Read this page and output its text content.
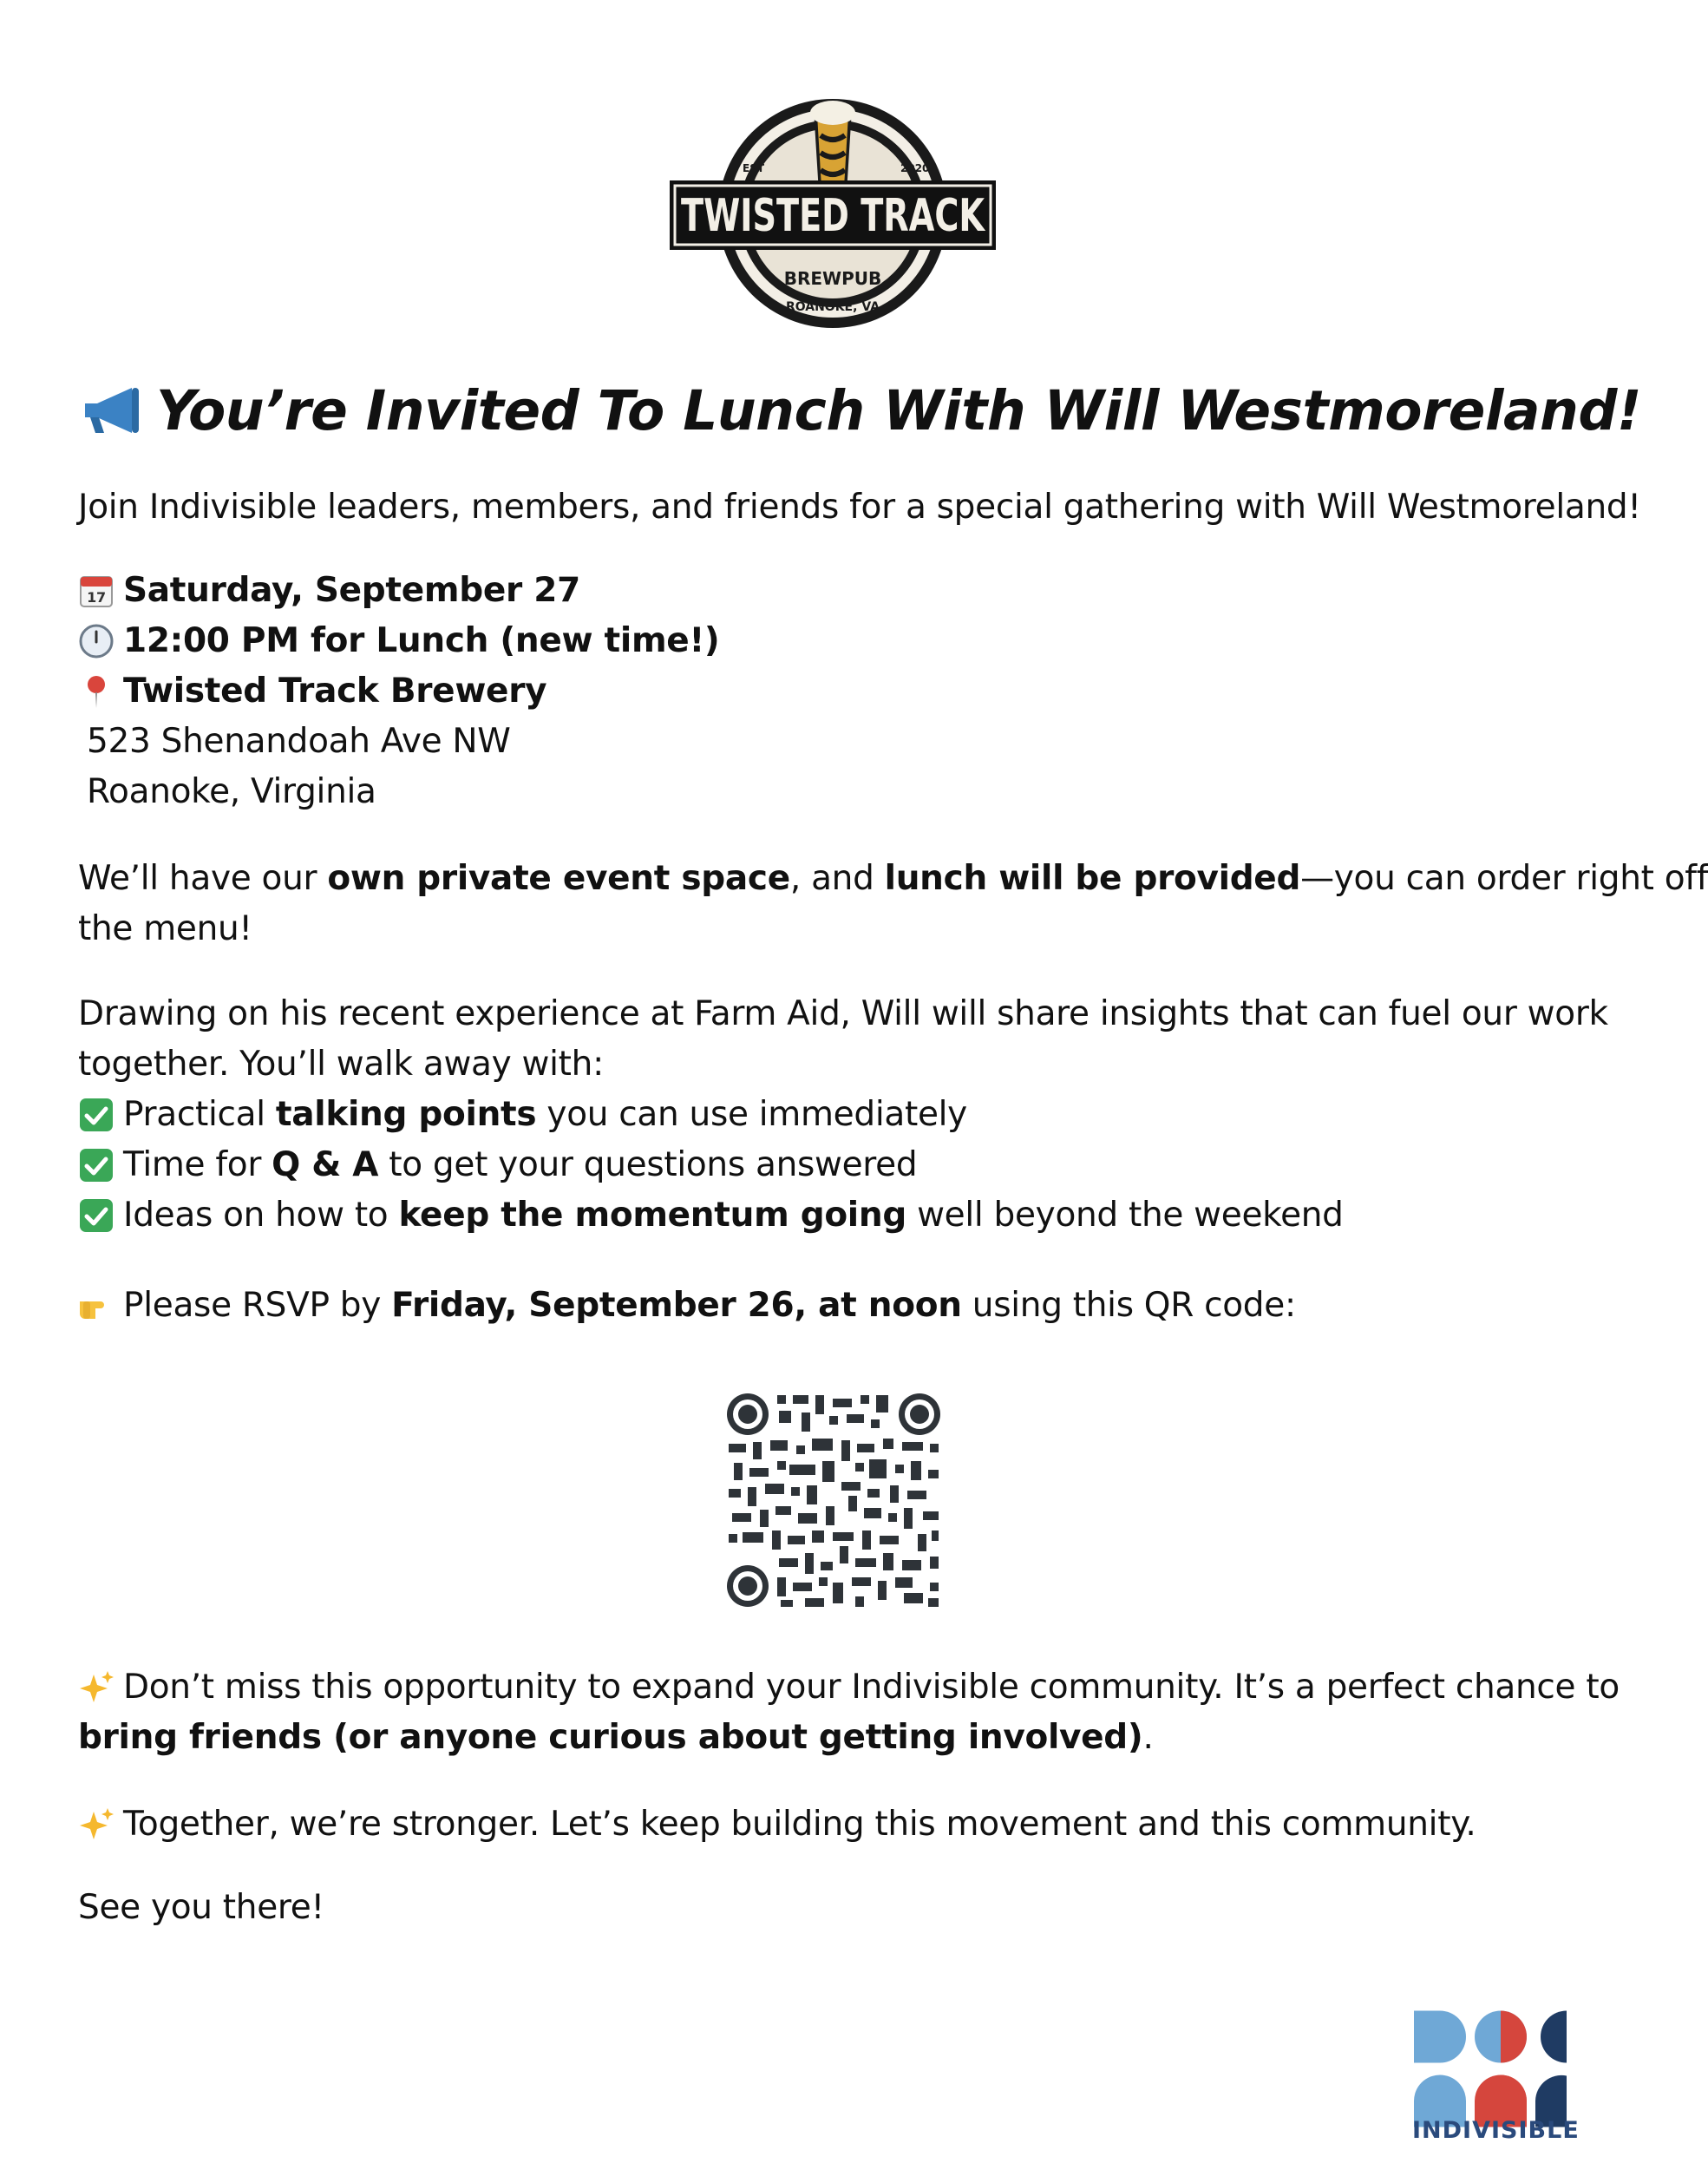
EST	2020
TWISTED TRACK
BREWPUB
ROANOKE, VA
You’re Invited To Lunch With Will Westmoreland!
Join Indivisible leaders, members, and friends for a special gathering with Will Westmoreland!
17 Saturday, September 27
12:00 PM for Lunch (new time!)
Twisted Track Brewery
523 Shenandoah Ave NW
Roanoke, Virginia
We’ll have our own private event space, and lunch will be provided—you can order right off
the menu!
Drawing on his recent experience at Farm Aid, Will will share insights that can fuel our work
together. You’ll walk away with:
Practical talking points you can use immediately
Time for Q & A to get your questions answered
Ideas on how to keep the momentum going well beyond the weekend
Please RSVP by Friday, September 26, at noon using this QR code:
Don’t miss this opportunity to expand your Indivisible community. It’s a perfect chance to
bring friends (or anyone curious about getting involved).
Together, we’re stronger. Let’s keep building this movement and this community.
See you there!
INDIVISIBLE
